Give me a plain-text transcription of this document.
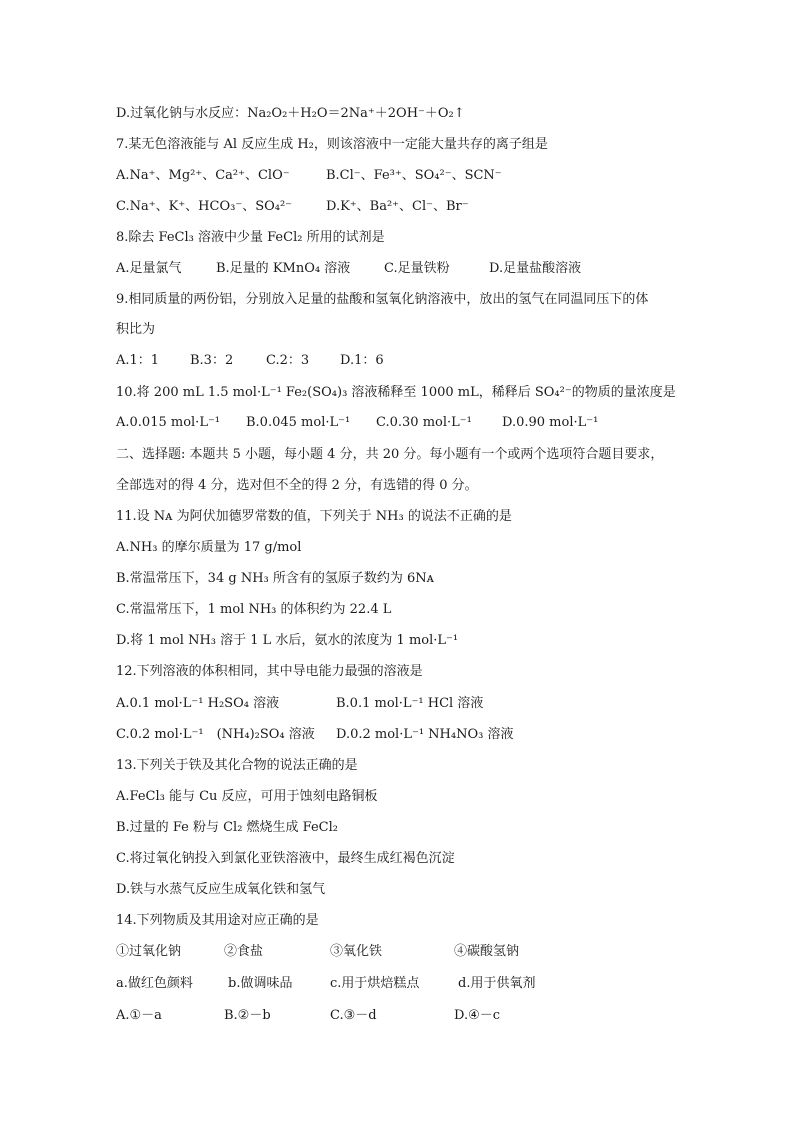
D.过氧化钠与水反应：Na₂O₂＋H₂O＝2Na⁺＋2OH⁻＋O₂↑
7.某无色溶液能与 Al 反应生成 H₂，则该溶液中一定能大量共存的离子组是
A.Na⁺、Mg²⁺、Ca²⁺、ClO⁻	B.Cl⁻、Fe³⁺、SO₄²⁻、SCN⁻
C.Na⁺、K⁺、HCO₃⁻、SO₄²⁻	D.K⁺、Ba²⁺、Cl⁻、Br⁻
8.除去 FeCl₃ 溶液中少量 FeCl₂ 所用的试剂是
A.足量氯气	B.足量的 KMnO₄ 溶液	C.足量铁粉	D.足量盐酸溶液
9.相同质量的两份铝，分别放入足量的盐酸和氢氧化钠溶液中，放出的氢气在同温同压下的体
积比为
A.1：1 B.3：2	C.2：3 D.1：6
10.将 200 mL 1.5 mol·L⁻¹ Fe₂(SO₄)₃ 溶液稀释至 1000 mL，稀释后 SO₄²⁻的物质的量浓度是
A.0.015 mol·L⁻¹ B.0.045 mol·L⁻¹ C.0.30 mol·L⁻¹ D.0.90 mol·L⁻¹
二、选择题: 本题共 5 小题，每小题 4 分，共 20 分。每小题有一个或两个选项符合题目要求，
全部选对的得 4 分，选对但不全的得 2 分，有选错的得 0 分。
11.设 Nᴀ 为阿伏加德罗常数的值，下列关于 NH₃ 的说法不正确的是
A.NH₃ 的摩尔质量为 17 g/mol
B.常温常压下，34 g NH₃ 所含有的氢原子数约为 6Nᴀ
C.常温常压下，1 mol NH₃ 的体积约为 22.4 L
D.将 1 mol NH₃ 溶于 1 L 水后，氨水的浓度为 1 mol·L⁻¹
12.下列溶液的体积相同，其中导电能力最强的溶液是
A.0.1 mol·L⁻¹ H₂SO₄ 溶液	B.0.1 mol·L⁻¹ HCl 溶液
C.0.2 mol·L⁻¹　(NH₄)₂SO₄ 溶液 D.0.2 mol·L⁻¹ NH₄NO₃ 溶液
13.下列关于铁及其化合物的说法正确的是
A.FeCl₃ 能与 Cu 反应，可用于蚀刻电路铜板
B.过量的 Fe 粉与 Cl₂ 燃烧生成 FeCl₂
C.将过氧化钠投入到氯化亚铁溶液中，最终生成红褐色沉淀
D.铁与水蒸气反应生成氧化铁和氢气
14.下列物质及其用途对应正确的是
①过氧化钠	②食盐	③氧化铁	④碳酸氢钠
a.做红色颜料	b.做调味品	c.用于烘焙糕点	d.用于供氧剂
A.①－a	B.②－b	C.③－d	D.④－c
